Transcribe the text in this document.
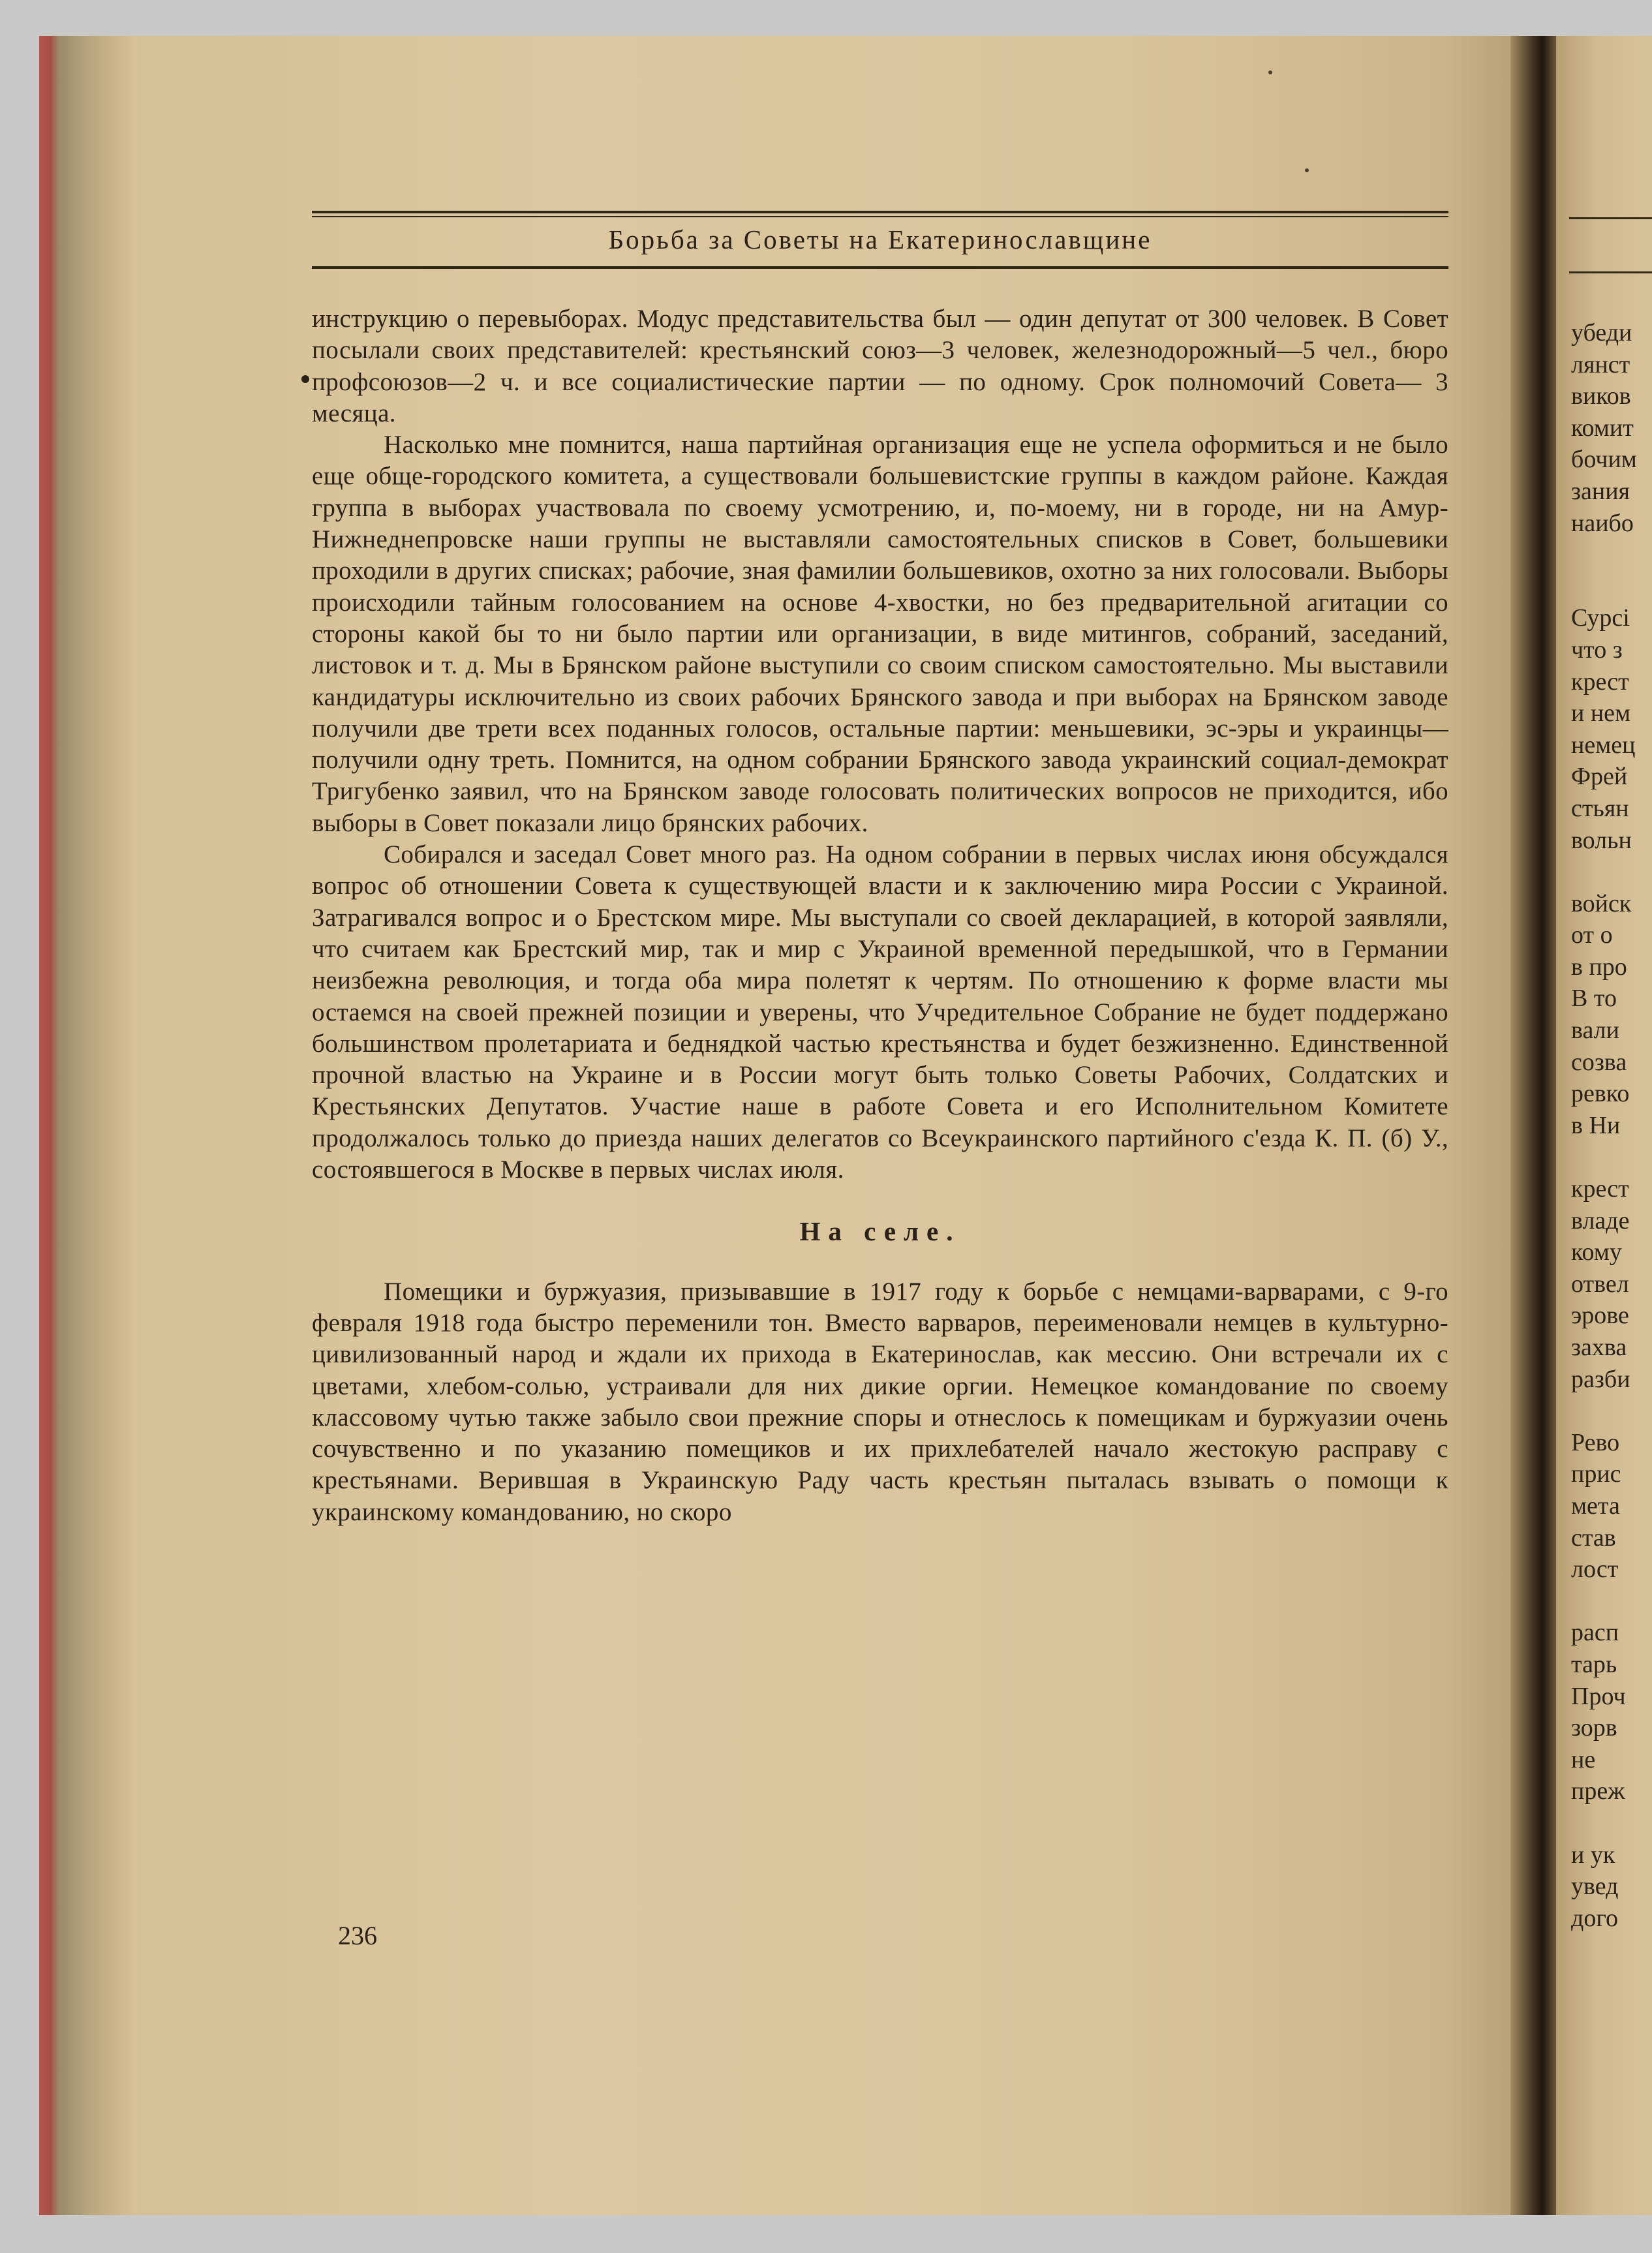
Борьба за Советы на Екатеринославщине

инструкцию о перевыборах. Модус представительства был — один депутат от 300 человек. В Совет посылали своих представителей: крестьянский союз—3 человек, железнодорожный—5 чел., бюро профсоюзов—2 ч. и все социалистические партии — по одному. Срок полномочий Совета— 3 месяца.

Насколько мне помнится, наша партийная организация еще не успела оформиться и не было еще обще-городского комитета, а существовали большевистские группы в каждом районе. Каждая группа в выборах участвовала по своему усмотрению, и, по-моему, ни в городе, ни на Амур-Нижнеднепровске наши группы не выставляли самостоятельных списков в Совет, большевики проходили в других списках; рабочие, зная фамилии большевиков, охотно за них голосовали. Выборы происходили тайным голосованием на основе 4-хвостки, но без предварительной агитации со стороны какой бы то ни было партии или организации, в виде митингов, собраний, заседаний, листовок и т. д. Мы в Брянском районе выступили со своим списком самостоятельно. Мы выставили кандидатуры исключительно из своих рабочих Брянского завода и при выборах на Брянском заводе получили две трети всех поданных голосов, остальные партии: меньшевики, эс-эры и украинцы—получили одну треть. Помнится, на одном собрании Брянского завода украинский социал-демократ Тригубенко заявил, что на Брянском заводе голосовать политических вопросов не приходится, ибо выборы в Совет показали лицо брянских рабочих.

Собирался и заседал Совет много раз. На одном собрании в первых числах июня обсуждался вопрос об отношении Совета к существующей власти и к заключению мира России с Украиной. Затрагивался вопрос и о Брестском мире. Мы выступали со своей декларацией, в которой заявляли, что считаем как Брестский мир, так и мир с Украиной временной передышкой, что в Германии неизбежна революция, и тогда оба мира полетят к чертям. По отношению к форме власти мы остаемся на своей прежней позиции и уверены, что Учредительное Собрание не будет поддержано большинством пролетариата и беднядкой частью крестьянства и будет безжизненно. Единственной прочной властью на Украине и в России могут быть только Советы Рабочих, Солдатских и Крестьянских Депутатов. Участие наше в работе Совета и его Исполнительном Комитете продолжалось только до приезда наших делегатов со Всеукраинского партийного с'езда К. П. (б) У., состоявшегося в Москве в первых числах июля.

На селе.

Помещики и буржуазия, призывавшие в 1917 году к борьбе с немцами-варварами, с 9-го февраля 1918 года быстро переменили тон. Вместо варваров, переименовали немцев в культурно-цивилизованный народ и ждали их прихода в Екатеринослав, как мессию. Они встречали их с цветами, хлебом-солью, устраивали для них дикие оргии. Немецкое командование по своему классовому чутью также забыло свои прежние споры и отнеслось к помещикам и буржуазии очень сочувственно и по указанию помещиков и их прихлебателей начало жестокую расправу с крестьянами. Верившая в Украинскую Раду часть крестьян пыталась взывать о помощи к украинскому командованию, но скоро

236
убеди
лянст
виков
комит
бочим
зания
наибо
Сурсі
что з
крест
и нем
немец
Фрей
стьян
вольн
войск
от о
в про
В то
вали
созва
ревко
в Ни
крест
владе
кому
отвел
эрове
захва
разби
Рево
прис
мета
став
лост
расп
тарь
Проч
зорв
не
преж
и ук
увед
дого
